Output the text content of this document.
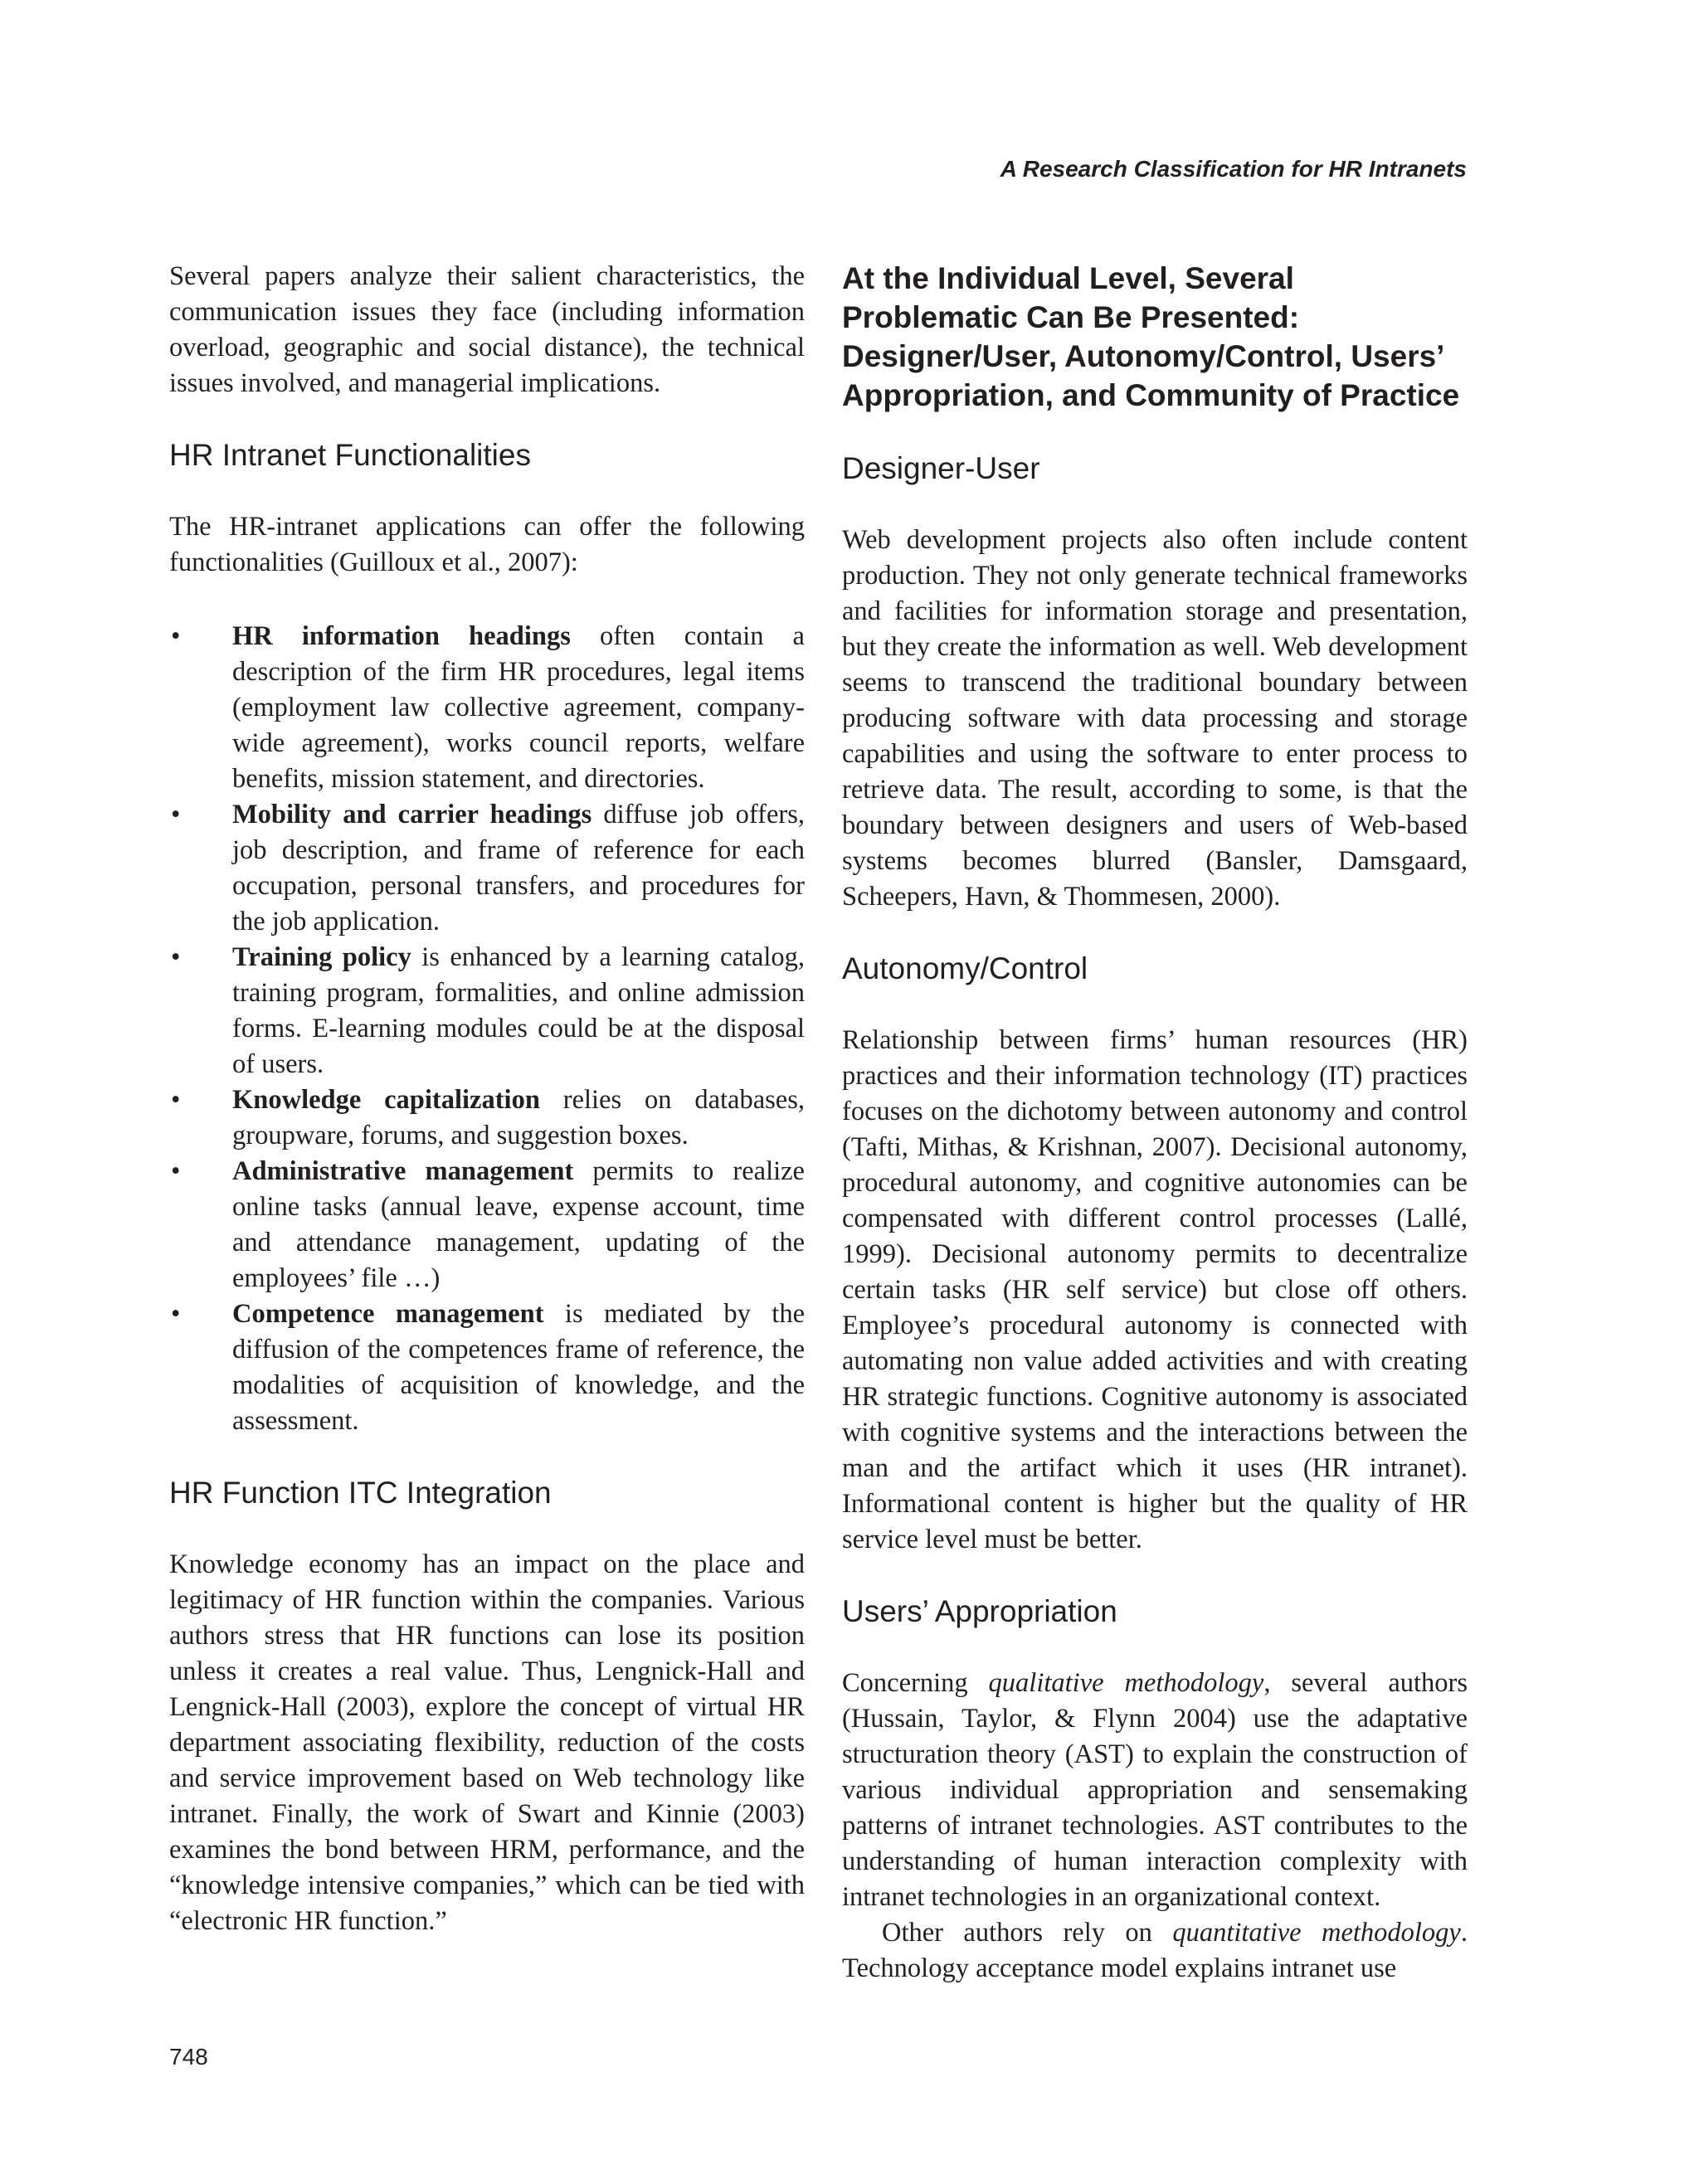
A Research Classification for HR Intranets

Several papers analyze their salient characteristics, the communication issues they face (including information overload, geographic and social distance), the technical issues involved, and managerial implications.

HR Intranet Functionalities

The HR-intranet applications can offer the following functionalities (Guilloux et al., 2007):

• HR information headings often contain a description of the firm HR procedures, legal items (employment law collective agreement, company-wide agreement), works council reports, welfare benefits, mission statement, and directories.
• Mobility and carrier headings diffuse job offers, job description, and frame of reference for each occupation, personal transfers, and procedures for the job application.
• Training policy is enhanced by a learning catalog, training program, formalities, and online admission forms. E-learning modules could be at the disposal of users.
• Knowledge capitalization relies on databases, groupware, forums, and suggestion boxes.
• Administrative management permits to realize online tasks (annual leave, expense account, time and attendance management, updating of the employees’ file …)
• Competence management is mediated by the diffusion of the competences frame of reference, the modalities of acquisition of knowledge, and the assessment.
HR Function ITC Integration

Knowledge economy has an impact on the place and legitimacy of HR function within the companies. Various authors stress that HR functions can lose its position unless it creates a real value. Thus, Lengnick-Hall and Lengnick-Hall (2003), explore the concept of virtual HR department associating flexibility, reduction of the costs and service improvement based on Web technology like intranet. Finally, the work of Swart and Kinnie (2003) examines the bond between HRM, performance, and the “knowledge intensive companies,” which can be tied with “electronic HR function.”

At the Individual Level, Several Problematic Can Be Presented: Designer/User, Autonomy/Control, Users’ Appropriation, and Community of Practice
Designer-User

Web development projects also often include content production. They not only generate technical frameworks and facilities for information storage and presentation, but they create the information as well. Web development seems to transcend the traditional boundary between producing software with data processing and storage capabilities and using the software to enter process to retrieve data. The result, according to some, is that the boundary between designers and users of Web-based systems becomes blurred (Bansler, Damsgaard, Scheepers, Havn, & Thommesen, 2000).

Autonomy/Control

Relationship between firms’ human resources (HR) practices and their information technology (IT) practices focuses on the dichotomy between autonomy and control (Tafti, Mithas, & Krishnan, 2007). Decisional autonomy, procedural autonomy, and cognitive autonomies can be compensated with different control processes (Lallé, 1999). Decisional autonomy permits to decentralize certain tasks (HR self service) but close off others. Employee’s procedural autonomy is connected with automating non value added activities and with creating HR strategic functions. Cognitive autonomy is associated with cognitive systems and the interactions between the man and the artifact which it uses (HR intranet). Informational content is higher but the quality of HR service level must be better.

Users’ Appropriation

Concerning qualitative methodology, several authors (Hussain, Taylor, & Flynn 2004) use the adaptative structuration theory (AST) to explain the construction of various individual appropriation and sensemaking patterns of intranet technologies. AST contributes to the understanding of human interaction complexity with intranet technologies in an organizational context.

Other authors rely on quantitative methodology. Technology acceptance model explains intranet use

748
